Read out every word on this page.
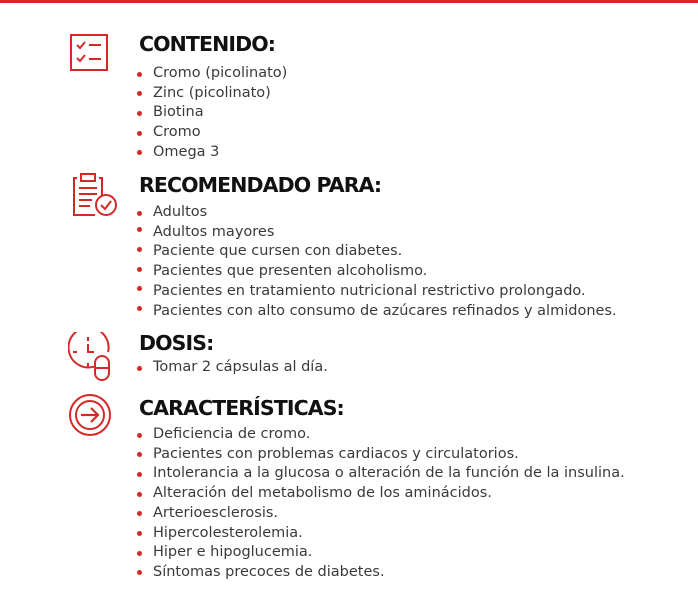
CONTENIDO:
Cromo (picolinato)
Zinc (picolinato)
Biotina
Cromo
Omega 3
RECOMENDADO PARA:
Adultos
Adultos mayores
Paciente que cursen con diabetes.
Pacientes que presenten alcoholismo.
Pacientes en tratamiento nutricional restrictivo prolongado.
Pacientes con alto consumo de azúcares refinados y almidones.
DOSIS:
Tomar 2 cápsulas al día.
CARACTERÍSTICAS:
Deficiencia de cromo.
Pacientes con problemas cardiacos y circulatorios.
Intolerancia a la glucosa o alteración de la función de la insulina.
Alteración del metabolismo de los aminácidos.
Arterioesclerosis.
Hipercolesterolemia.
Hiper e hipoglucemia.
Síntomas precoces de diabetes.
